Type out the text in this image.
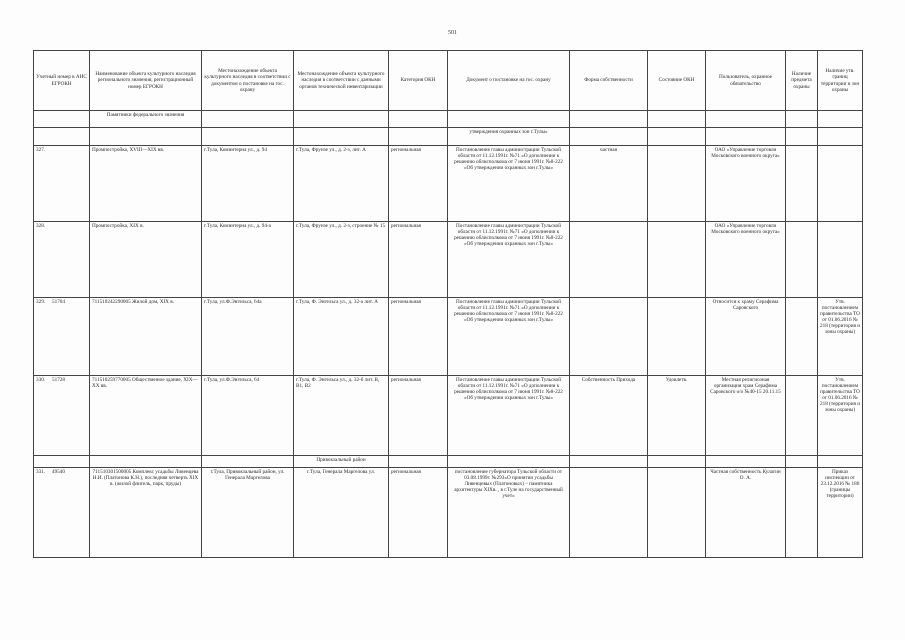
501
Учетный номер в АИС ЕГРОКН	Наименование объекта культурного наследия регионального значения, регистрационный номер ЕГРОКН	Местонахождение объекта культурного наследия в соответствии с документом о постановке на гос. охрану	Местонахождение объекта культурного наследия в соответствии с данными органов технической инвентаризации	Категория ОКН	Документ о постановке на гос. охрану	Форма собственности	Состояние ОКН	Пользователь, охранное обязательство	Наличие предмета охраны	Наличие утв. границ территории и зон охраны
	Памятники федерального значения									
					утверждения охранных зон г.Тулы»					
327.	Промпостройка, XVIII—XIX вв.	г.Тула, Коминтерна ул., д. 94	г.Тула, Фрунзе ул., д. 2-з, лит. А	региональная	Постановление главы администрации Тульской области от 11.12.1991г. №71 «О дополнении к решению облисполкома от 7 июня 1991г. №8-222 «Об утверждении охранных зон г.Тулы»	частная		ОАО «Управление торговли Московского военного округа»		
328.	Промпостройка, XIX в.	г.Тула, Коминтерна ул., д. 94-а	г.Тула, Фрунзе ул., д. 2-з, строение № 15	региональная	Постановление главы администрации Тульской области от 11.12.1991г. №71 «О дополнении к решению облисполкома от 7 июня 1991г. №8-222 «Об утверждении охранных зон г.Тулы»			ОАО «Управление торговли Московского военного округа»		
329. 51704	711510242290005 Жилой дом, XIX в.	г.Тула, ул.Ф.Энгельса, 64а	г.Тула, Ф. Энгельса ул., д. 32-а лит. А	региональная	Постановление главы администрации Тульской области от 11.12.1991г. №71 «О дополнении к решению облисполкома от 7 июня 1991г. №8-222 «Об утверждении охранных зон г.Тулы»			Относится к храму Серафима Саровского		Утв. постановлением правительства ТО от 01.06.2016 № 218 (территория и зоны охраны)
330. 51728	711510259770005 Общественное здание, XIX—XX вв.	г.Тула, ул.Ф.Энгельса, 64	г.Тула, Ф. Энгельса ул., д. 32-б лит. В, В1, В2	региональная	Постановление главы администрации Тульской области от 11.12.1991г. №71 «О дополнении к решению облисполкома от 7 июня 1991г. №8-222 «Об утверждении охранных зон г.Тулы»	Собственность Прихода	Удовлетв.	Местная религиозная организация храм Серафима Саровского о/о №40-15 20.11.15		Утв. постановлением правительства ТО от 01.06.2016 № 218 (территория и зоны охраны)
			Привокзальный район							
331. 49540	711510301500005 Комплекс усадьбы Ливенцева Н.И. (Платонова К.Н.), последняя четверть XIX в. (жилой флигель, парк, пруды)	г.Тула, Привокзальный район, ул. Генерала Маргелова	г.Тула, Генерала Маргелова ул.	региональная	постановление губернатора Тульской области от 03.08.1999г. №293«О принятии усадьбы Ливенцевых (Платоновых) – памятника архитектуры XIXв. , в г.Туле на государственный учет»			Частная собственность Кулагин О. А.		Приказ инспекции от 23.12.2016 № 180 (границы территории)
